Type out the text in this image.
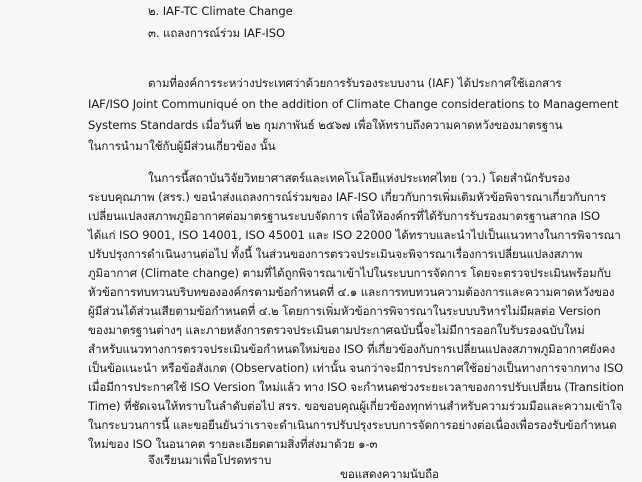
๒. IAF-TC Climate Change
๓. แถลงการณ์ร่วม IAF-ISO
ตามที่องค์การระหว่างประเทศว่าด้วยการรับรองระบบงาน (IAF) ได้ประกาศใช้เอกสาร
IAF/ISO Joint Communiqué on the addition of Climate Change considerations to Management
Systems Standards เมื่อวันที่ ๒๒ กุมภาพันธ์ ๒๕๖๗ เพื่อให้ทราบถึงความคาดหวังของมาตรฐาน
ในการนำมาใช้กับผู้มีส่วนเกี่ยวข้อง นั้น
ในการนี้สถาบันวิจัยวิทยาศาสตร์และเทคโนโลยีแห่งประเทศไทย (วว.) โดยสำนักรับรอง
ระบบคุณภาพ (สรร.) ขอนำส่งแถลงการณ์ร่วมของ IAF-ISO เกี่ยวกับการเพิ่มเติมหัวข้อพิจารณาเกี่ยวกับการ
เปลี่ยนแปลงสภาพภูมิอากาศต่อมาตรฐานระบบจัดการ เพื่อให้องค์กรที่ได้รับการรับรองมาตรฐานสากล ISO
ได้แก่ ISO 9001, ISO 14001, ISO 45001 และ ISO 22000 ได้ทราบและนำไปเป็นแนวทางในการพิจารณา
ปรับปรุงการดำเนินงานต่อไป ทั้งนี้ ในส่วนของการตรวจประเมินจะพิจารณาเรื่องการเปลี่ยนแปลงสภาพ
ภูมิอากาศ (Climate change) ตามที่ได้ถูกพิจารณาเข้าไปในระบบการจัดการ โดยจะตรวจประเมินพร้อมกับ
หัวข้อการทบทวนบริบทขององค์กรตามข้อกำหนดที่ ๔.๑ และการทบทวนความต้องการและความคาดหวังของ
ผู้มีส่วนได้ส่วนเสียตามข้อกำหนดที่ ๔.๒ โดยการเพิ่มหัวข้อการพิจารณาในระบบบริหารไม่มีผลต่อ Version
ของมาตรฐานต่างๆ และภายหลังการตรวจประเมินตามประกาศฉบับนี้จะไม่มีการออกใบรับรองฉบับใหม่
สำหรับแนวทางการตรวจประเมินข้อกำหนดใหม่ของ ISO ที่เกี่ยวข้องกับการเปลี่ยนแปลงสภาพภูมิอากาศยังคง
เป็นข้อแนะนำ หรือข้อสังเกต (Observation) เท่านั้น จนกว่าจะมีการประกาศใช้อย่างเป็นทางการจากทาง ISO
เมื่อมีการประกาศใช้ ISO Version ใหม่แล้ว ทาง ISO จะกำหนดช่วงระยะเวลาของการปรับเปลี่ยน (Transition
Time) ที่ชัดเจนให้ทราบในลำดับต่อไป สรร. ขอขอบคุณผู้เกี่ยวข้องทุกท่านสำหรับความร่วมมือและความเข้าใจ
ในกระบวนการนี้ และขอยืนยันว่าเราจะดำเนินการปรับปรุงระบบการจัดการอย่างต่อเนื่องเพื่อรองรับข้อกำหนด
ใหม่ของ ISO ในอนาคต รายละเอียดตามสิ่งที่ส่งมาด้วย ๑-๓
จึงเรียนมาเพื่อโปรดทราบ
ขอแสดงความนับถือ
